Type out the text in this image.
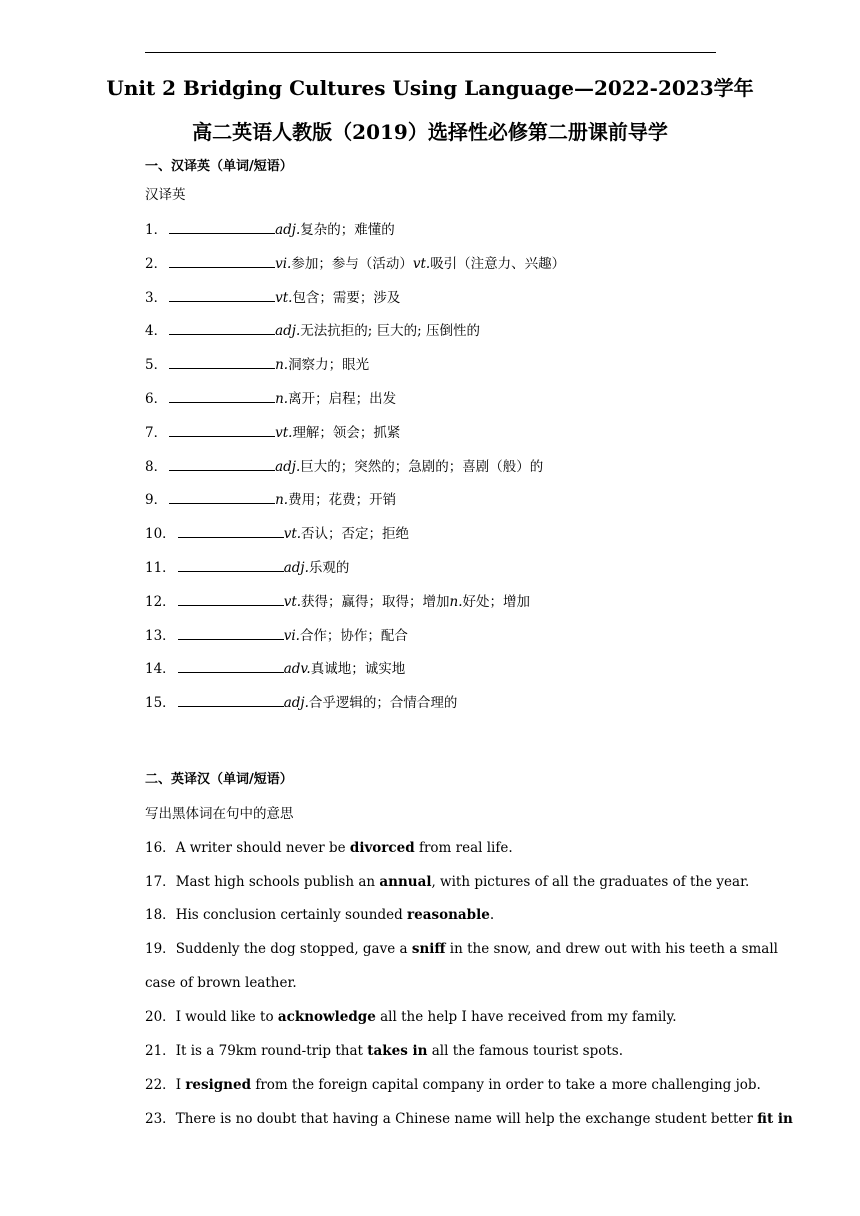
Unit 2 Bridging Cultures Using Language—2022-2023学年
高二英语人教版（2019）选择性必修第二册课前导学
一、汉译英（单词/短语）
汉译英
1．	adj.复杂的；难懂的
2．	vi.参加；参与（活动）vt.吸引（注意力、兴趣）
3．	vt.包含；需要；涉及
4．	adj.无法抗拒的; 巨大的; 压倒性的
5．	n.洞察力；眼光
6．	n.离开；启程；出发
7．	vt.理解；领会；抓紧
8．	adj.巨大的；突然的；急剧的；喜剧（般）的
9．	n.费用；花费；开销
10．	vt.否认；否定；拒绝
11．	adj.乐观的
12．	vt.获得；赢得；取得；增加n.好处；增加
13．	vi.合作；协作；配合
14．	adv.真诚地；诚实地
15．	adj.合乎逻辑的；合情合理的
二、英译汉（单词/短语）
写出黑体词在句中的意思
16．A writer should never be divorced from real life.
17．Mast high schools publish an annual, with pictures of all the graduates of the year.
18．His conclusion certainly sounded reasonable.
19．Suddenly the dog stopped, gave a sniff in the snow, and drew out with his teeth a small
case of brown leather.
20．I would like to acknowledge all the help I have received from my family.
21．It is a 79km round-trip that takes in all the famous tourist spots.
22．I resigned from the foreign capital company in order to take a more challenging job.
23．There is no doubt that having a Chinese name will help the exchange student better fit in
